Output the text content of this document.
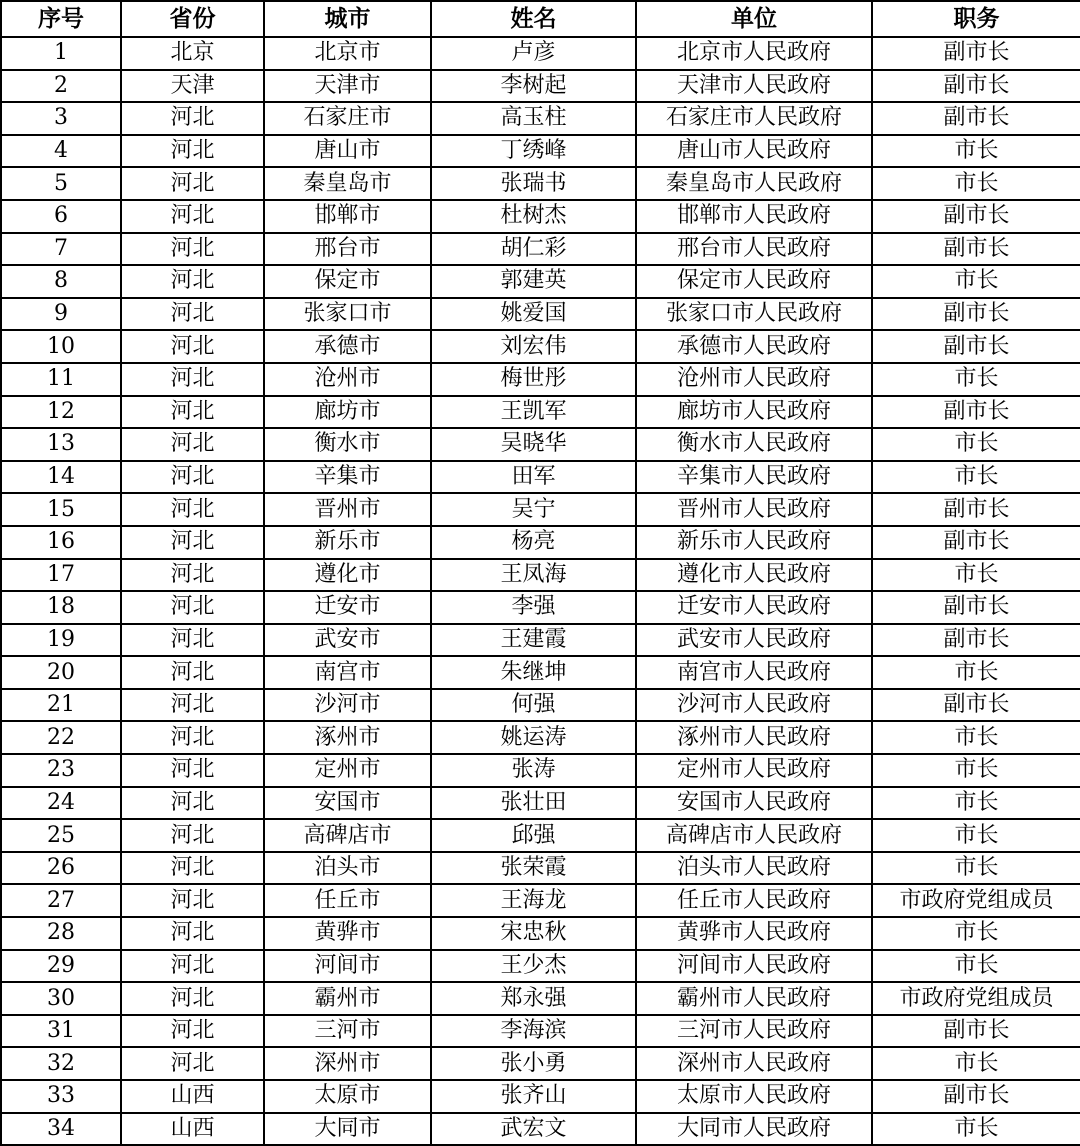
序号	省份	城市	姓名	单位	职务
1	北京	北京市	卢彦	北京市人民政府	副市长
2	天津	天津市	李树起	天津市人民政府	副市长
3	河北	石家庄市	高玉柱	石家庄市人民政府	副市长
4	河北	唐山市	丁绣峰	唐山市人民政府	市长
5	河北	秦皇岛市	张瑞书	秦皇岛市人民政府	市长
6	河北	邯郸市	杜树杰	邯郸市人民政府	副市长
7	河北	邢台市	胡仁彩	邢台市人民政府	副市长
8	河北	保定市	郭建英	保定市人民政府	市长
9	河北	张家口市	姚爱国	张家口市人民政府	副市长
10	河北	承德市	刘宏伟	承德市人民政府	副市长
11	河北	沧州市	梅世彤	沧州市人民政府	市长
12	河北	廊坊市	王凯军	廊坊市人民政府	副市长
13	河北	衡水市	吴晓华	衡水市人民政府	市长
14	河北	辛集市	田军	辛集市人民政府	市长
15	河北	晋州市	吴宁	晋州市人民政府	副市长
16	河北	新乐市	杨亮	新乐市人民政府	副市长
17	河北	遵化市	王凤海	遵化市人民政府	市长
18	河北	迁安市	李强	迁安市人民政府	副市长
19	河北	武安市	王建霞	武安市人民政府	副市长
20	河北	南宫市	朱继坤	南宫市人民政府	市长
21	河北	沙河市	何强	沙河市人民政府	副市长
22	河北	涿州市	姚运涛	涿州市人民政府	市长
23	河北	定州市	张涛	定州市人民政府	市长
24	河北	安国市	张壮田	安国市人民政府	市长
25	河北	高碑店市	邱强	高碑店市人民政府	市长
26	河北	泊头市	张荣霞	泊头市人民政府	市长
27	河北	任丘市	王海龙	任丘市人民政府	市政府党组成员
28	河北	黄骅市	宋忠秋	黄骅市人民政府	市长
29	河北	河间市	王少杰	河间市人民政府	市长
30	河北	霸州市	郑永强	霸州市人民政府	市政府党组成员
31	河北	三河市	李海滨	三河市人民政府	副市长
32	河北	深州市	张小勇	深州市人民政府	市长
33	山西	太原市	张齐山	太原市人民政府	副市长
34	山西	大同市	武宏文	大同市人民政府	市长
